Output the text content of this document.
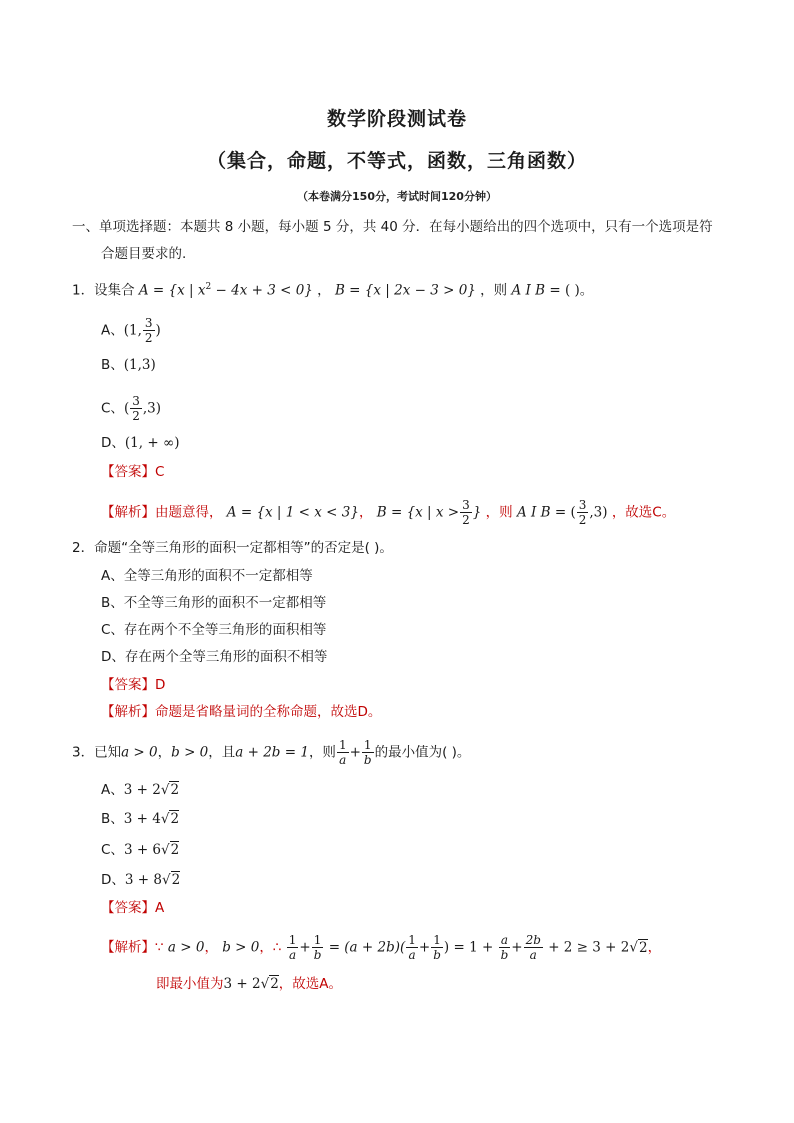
数学阶段测试卷
（集合，命题，不等式，函数，三角函数）
（本卷满分150分，考试时间120分钟）
一、单项选择题：本题共 8 小题，每小题 5 分，共 40 分．在每小题给出的四个选项中，只有一个选项是符
合题目要求的.
1．设集合 A = {x | $x^2 - 4x + 3 < 0$} ， B = {x | 2x − 3 > 0} ，则 A I B = ( )。
A、(1, $\frac{3}{2}$ )
B、(1,3)
C、( $\frac{3}{2} ,3$)
D、(1, + ∞)
【答案】C
【解析】由题意得， A = {x | 1 < x < 3}， B = {x | $x > \frac{3}{2}$ } ，则 A I B = ( $\frac{3}{2} ,3$) ，故选C。
2．命题“全等三角形的面积一定都相等”的否定是( )。
A、全等三角形的面积不一定都相等
B、不全等三角形的面积不一定都相等
C、存在两个不全等三角形的面积相等
D、存在两个全等三角形的面积不相等
【答案】D
【解析】命题是省略量词的全称命题，故选D。
3．已知a > 0，b > 0，且a + 2b = 1，则 $\frac{1}{a} + \frac{1}{b}$ 的最小值为( )。
A、3 + 2√2
B、3 + 4√2
C、3 + 6√2
D、3 + 8√2
【答案】A
【解析】∵ a > 0， b > 0，∴ $\frac{1}{a} + \frac{1}{b} = (a + 2b)( \frac{1}{a} + \frac{1}{b}$ ) = $1 + \frac{a}{b} + \frac{2b}{a} + 2 \ge 3 + 2√2$，
即最小值为3 + 2√2，故选A。
